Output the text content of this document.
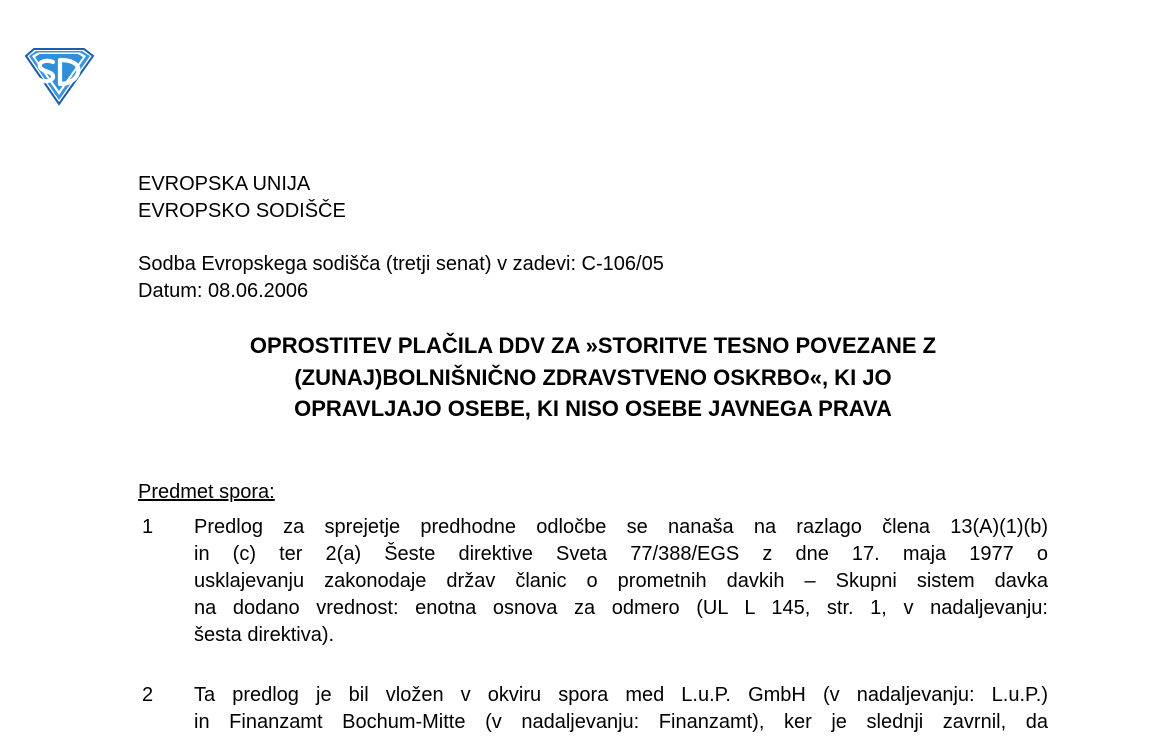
EVROPSKA UNIJA
EVROPSKO SODIŠČE
Sodba Evropskega sodišča (tretji senat) v zadevi: C-106/05
Datum: 08.06.2006
OPROSTITEV PLAČILA DDV ZA »STORITVE TESNO POVEZANE Z
(ZUNAJ)BOLNIŠNIČNO ZDRAVSTVENO OSKRBO«, KI JO
OPRAVLJAJO OSEBE, KI NISO OSEBE JAVNEGA PRAVA
Predmet spora:
1 Predlog za sprejetje predhodne odločbe se nanaša na razlago člena 13(A)(1)(b)
in (c) ter 2(a) Šeste direktive Sveta 77/388/EGS z dne 17. maja 1977 o
usklajevanju zakonodaje držav članic o prometnih davkih – Skupni sistem davka
na dodano vrednost: enotna osnova za odmero (UL L 145, str. 1, v nadaljevanju:
šesta direktiva).
2 Ta predlog je bil vložen v okviru spora med L.u.P. GmbH (v nadaljevanju: L.u.P.)
in Finanzamt Bochum-Mitte (v nadaljevanju: Finanzamt), ker je slednji zavrnil, da
